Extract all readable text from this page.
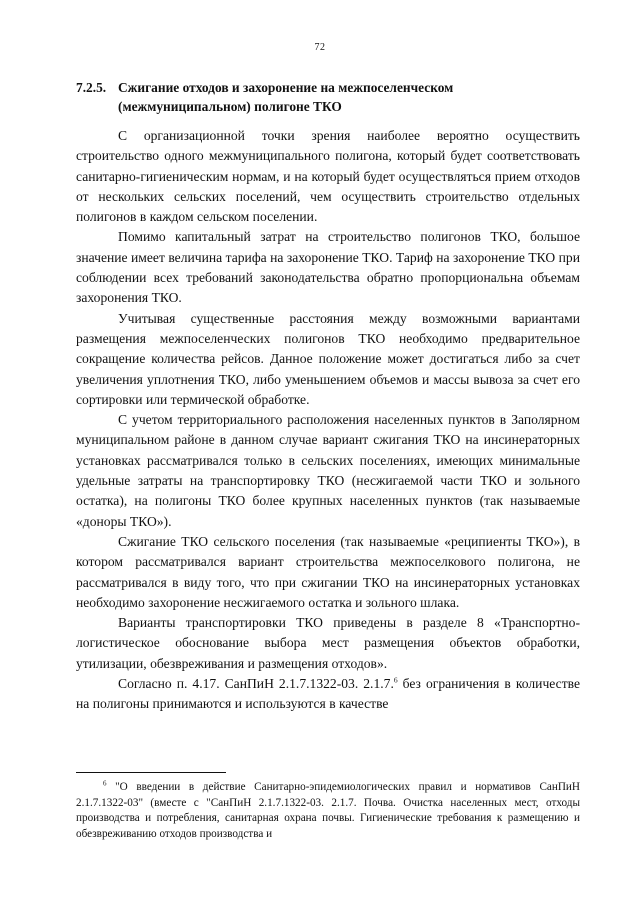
72
7.2.5. Сжигание отходов и захоронение на межпоселенческом
(межмуниципальном) полигоне ТКО

С организационной точки зрения наиболее вероятно осуществить строительство одного межмуниципального полигона, который будет соответствовать санитарно-гигиеническим нормам, и на который будет осуществляться прием отходов от нескольких сельских поселений, чем осуществить строительство отдельных полигонов в каждом сельском поселении.

Помимо капитальный затрат на строительство полигонов ТКО, большое значение имеет величина тарифа на захоронение ТКО. Тариф на захоронение ТКО при соблюдении всех требований законодательства обратно пропорциональна объемам захоронения ТКО.

Учитывая существенные расстояния между возможными вариантами размещения межпоселенческих полигонов ТКО необходимо предварительное сокращение количества рейсов. Данное положение может достигаться либо за счет увеличения уплотнения ТКО, либо уменьшением объемов и массы вывоза за счет его сортировки или термической обработке.

С учетом территориального расположения населенных пунктов в Заполярном муниципальном районе в данном случае вариант сжигания ТКО на инсинераторных установках рассматривался только в сельских поселениях, имеющих минимальные удельные затраты на транспортировку ТКО (несжигаемой части ТКО и зольного остатка), на полигоны ТКО более крупных населенных пунктов (так называемые «доноры ТКО»).

Сжигание ТКО сельского поселения (так называемые «реципиенты ТКО»), в котором рассматривался вариант строительства межпоселкового полигона, не рассматривался в виду того, что при сжигании ТКО на инсинераторных установках необходимо захоронение несжигаемого остатка и зольного шлака.

Варианты транспортировки ТКО приведены в разделе 8 «Транспортно-логистическое обоснование выбора мест размещения объектов обработки, утилизации, обезвреживания и размещения отходов».

Согласно п. 4.17. СанПиН 2.1.7.1322-03. 2.1.7.$^6$ без ограничения в количестве на полигоны принимаются и используются в качестве

$^6$ "О введении в действие Санитарно-эпидемиологических правил и нормативов СанПиН 2.1.7.1322-03" (вместе с "СанПиН 2.1.7.1322-03. 2.1.7. Почва. Очистка населенных мест, отходы производства и потребления, санитарная охрана почвы. Гигиенические требования к размещению и обезвреживанию отходов производства и
